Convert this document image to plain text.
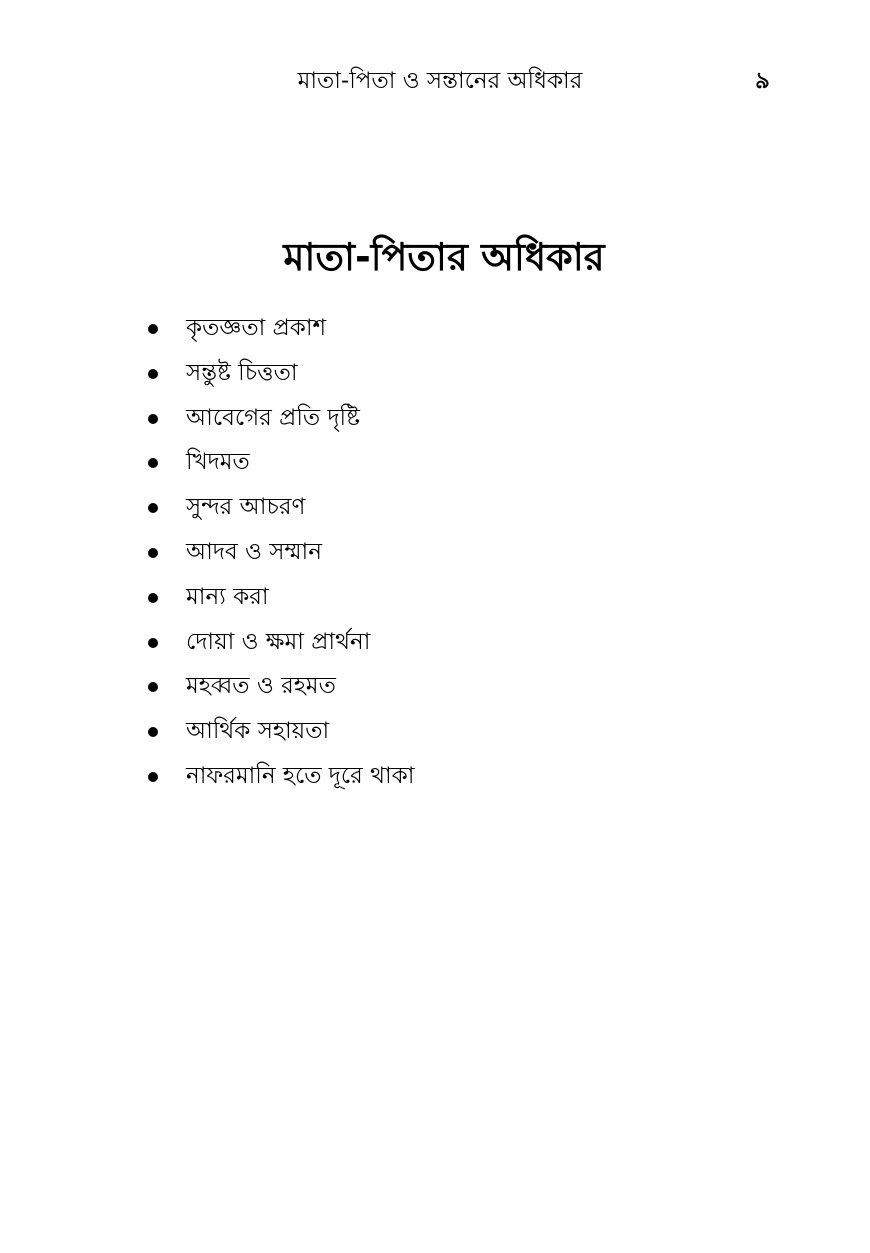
মাতা-পিতা ও সন্তানের অধিকার	৯
মাতা-পিতার অধিকার
কৃতজ্ঞতা প্রকাশ
সন্তুষ্ট চিত্ততা
আবেগের প্রতি দৃষ্টি
খিদমত
সুন্দর আচরণ
আদব ও সম্মান
মান্য করা
দোয়া ও ক্ষমা প্রার্থনা
মহব্বত ও রহমত
আর্থিক সহায়তা
নাফরমানি হতে দূরে থাকা
